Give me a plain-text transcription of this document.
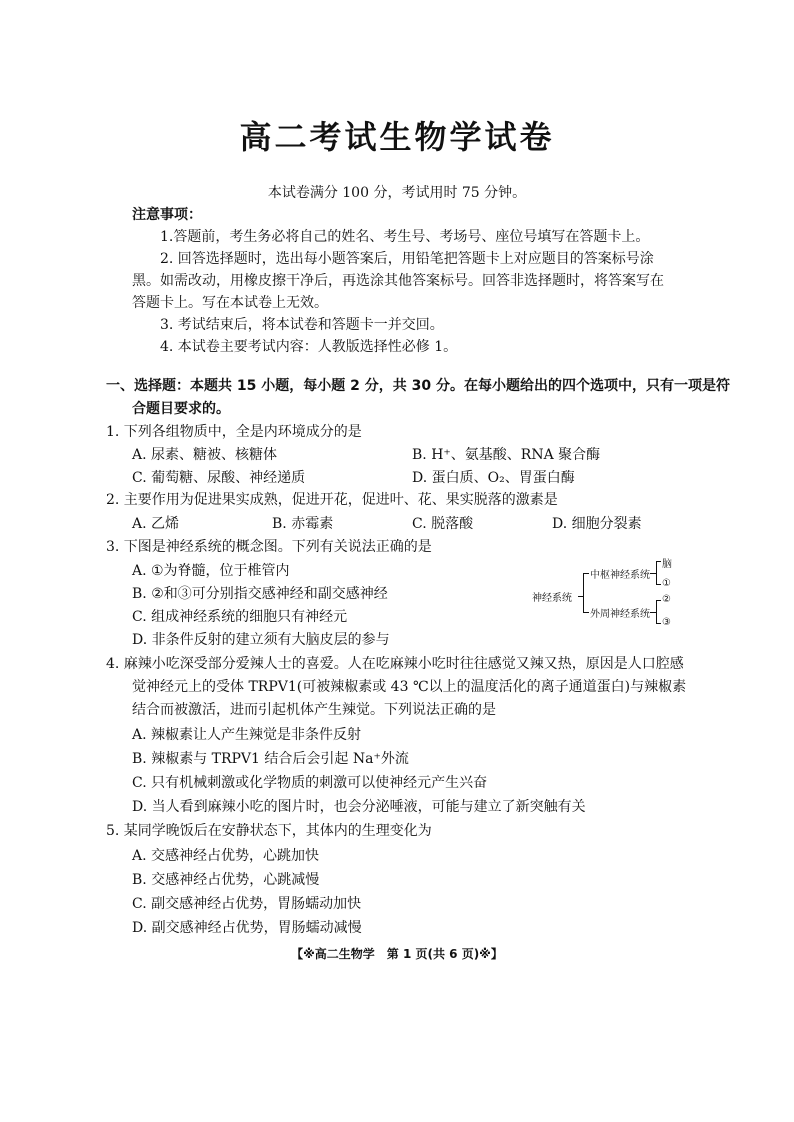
高二考试生物学试卷
本试卷满分 100 分，考试用时 75 分钟。
注意事项：
1.答题前，考生务必将自己的姓名、考生号、考场号、座位号填写在答题卡上。
2. 回答选择题时，选出每小题答案后，用铅笔把答题卡上对应题目的答案标号涂
黑。如需改动，用橡皮擦干净后，再选涂其他答案标号。回答非选择题时，将答案写在
答题卡上。写在本试卷上无效。
3. 考试结束后，将本试卷和答题卡一并交回。
4. 本试卷主要考试内容：人教版选择性必修 1。
一、选择题：本题共 15 小题，每小题 2 分，共 30 分。在每小题给出的四个选项中，只有一项是符
合题目要求的。
1. 下列各组物质中，全是内环境成分的是
A. 尿素、糖被、核糖体	B. H⁺、氨基酸、RNA 聚合酶
C. 葡萄糖、尿酸、神经递质	D. 蛋白质、O₂、胃蛋白酶
2. 主要作用为促进果实成熟，促进开花，促进叶、花、果实脱落的激素是
A. 乙烯	B. 赤霉素	C. 脱落酸	D. 细胞分裂素
3. 下图是神经系统的概念图。下列有关说法正确的是
A. ①为脊髓，位于椎管内
B. ②和③可分别指交感神经和副交感神经
C. 组成神经系统的细胞只有神经元
D. 非条件反射的建立须有大脑皮层的参与
神经系统
中枢神经系统
外周神经系统
脑
①
②
③
4. 麻辣小吃深受部分爱辣人士的喜爱。人在吃麻辣小吃时往往感觉又辣又热，原因是人口腔感
觉神经元上的受体 TRPV1(可被辣椒素或 43 ℃以上的温度活化的离子通道蛋白)与辣椒素
结合而被激活，进而引起机体产生辣觉。下列说法正确的是
A. 辣椒素让人产生辣觉是非条件反射
B. 辣椒素与 TRPV1 结合后会引起 Na⁺外流
C. 只有机械刺激或化学物质的刺激可以使神经元产生兴奋
D. 当人看到麻辣小吃的图片时，也会分泌唾液，可能与建立了新突触有关
5. 某同学晚饭后在安静状态下，其体内的生理变化为
A. 交感神经占优势，心跳加快
B. 交感神经占优势，心跳减慢
C. 副交感神经占优势，胃肠蠕动加快
D. 副交感神经占优势，胃肠蠕动减慢
【※高二生物学　第 1 页(共 6 页)※】
